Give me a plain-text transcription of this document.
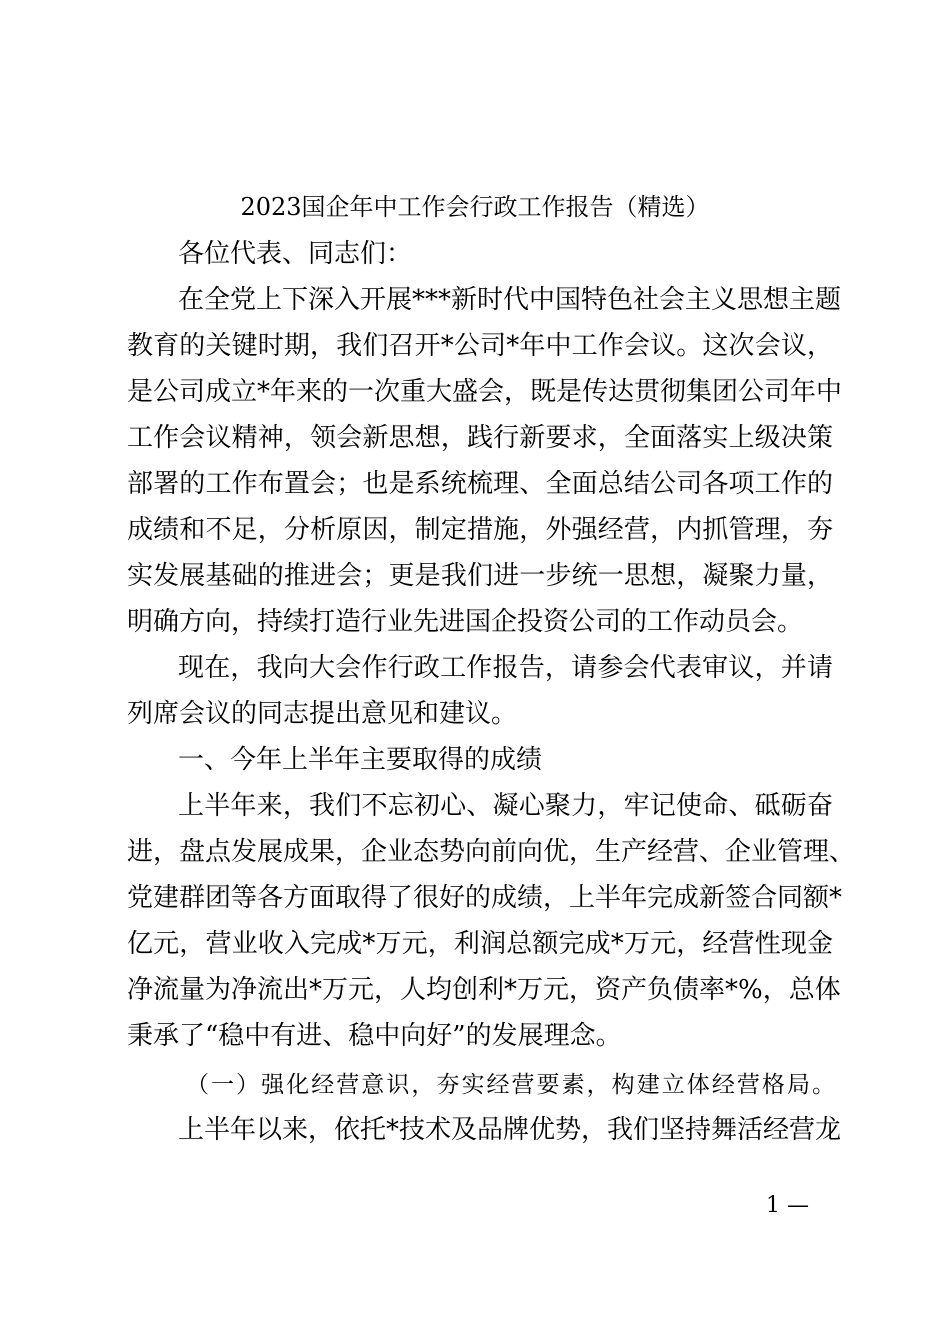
2023国企年中工作会行政工作报告（精选）
各位代表、同志们：
在全党上下深入开展***新时代中国特色社会主义思想主题
教育的关键时期，我们召开*公司*年中工作会议。这次会议，
是公司成立*年来的一次重大盛会，既是传达贯彻集团公司年中
工作会议精神，领会新思想，践行新要求，全面落实上级决策
部署的工作布置会；也是系统梳理、全面总结公司各项工作的
成绩和不足，分析原因，制定措施，外强经营，内抓管理，夯
实发展基础的推进会；更是我们进一步统一思想，凝聚力量，
明确方向，持续打造行业先进国企投资公司的工作动员会。
现在，我向大会作行政工作报告，请参会代表审议，并请
列席会议的同志提出意见和建议。
一、今年上半年主要取得的成绩
上半年来，我们不忘初心、凝心聚力，牢记使命、砥砺奋
进，盘点发展成果，企业态势向前向优，生产经营、企业管理、
党建群团等各方面取得了很好的成绩，上半年完成新签合同额*
亿元，营业收入完成*万元，利润总额完成*万元，经营性现金
净流量为净流出*万元，人均创利*万元，资产负债率*%，总体
秉承了“稳中有进、稳中向好”的发展理念。
（一）强化经营意识，夯实经营要素，构建立体经营格局。
上半年以来，依托*技术及品牌优势，我们坚持舞活经营龙
1 —
